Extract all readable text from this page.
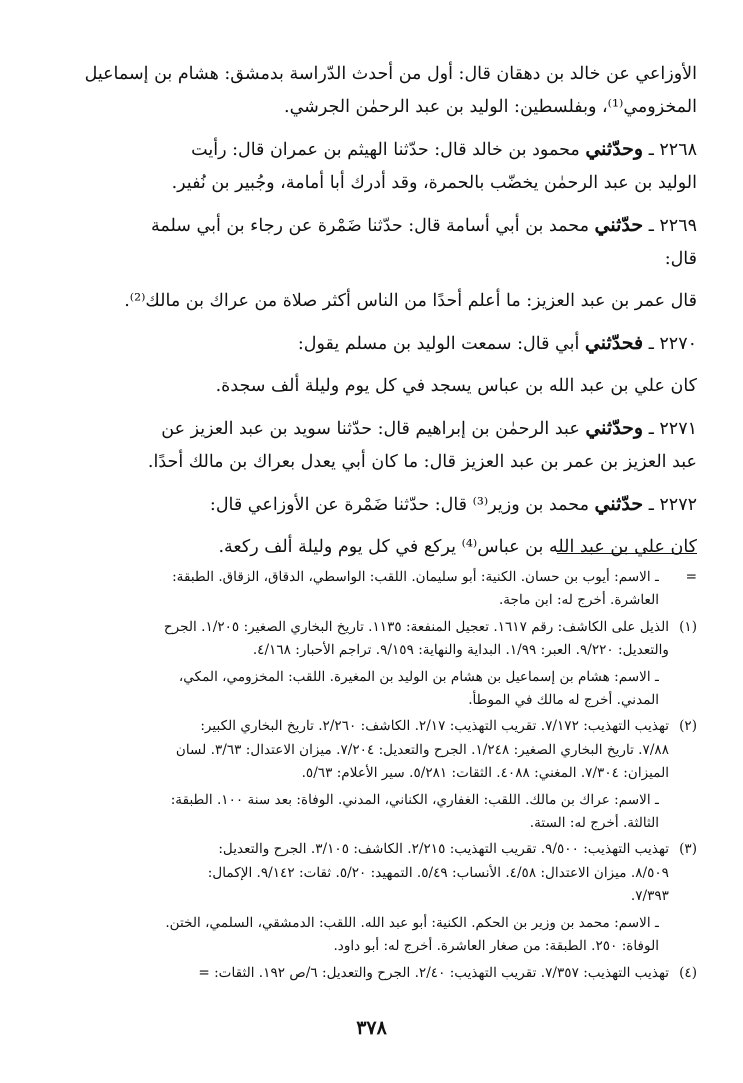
الأوزاعي عن خالد بن دهقان قال: أول من أحدث الدّراسة بدمشق: هشام بن إسماعيل

المخزومي⁽¹⁾، وبفلسطين: الوليد بن عبد الرحمٰن الجرشي.

٢٢٦٨ ـ وحدّثني محمود بن خالد قال: حدّثنا الهيثم بن عمران قال: رأيت

الوليد بن عبد الرحمٰن يخضّب بالحمرة، وقد أدرك أبا أمامة، وجُبير بن نُفير.

٢٢٦٩ ـ حدّثني محمد بن أبي أسامة قال: حدّثنا ضَمْرة عن رجاء بن أبي سلمة

قال:

قال عمر بن عبد العزيز: ما أعلم أحدًا من الناس أكثر صلاة من عراك بن مالك⁽²⁾.

٢٢٧٠ ـ فحدّثني أبي قال: سمعت الوليد بن مسلم يقول:

كان علي بن عبد الله بن عباس يسجد في كل يوم وليلة ألف سجدة.

٢٢٧١ ـ وحدّثني عبد الرحمٰن بن إبراهيم قال: حدّثنا سويد بن عبد العزيز عن

عبد العزيز بن عمر بن عبد العزيز قال: ما كان أبي يعدل بعراك بن مالك أحدًا.

٢٢٧٢ ـ حدّثني محمد بن وزير⁽³⁾ قال: حدّثنا ضَمْرة عن الأوزاعي قال:

كان علي بن عبد الله بن عباس⁽⁴⁾ يركع في كل يوم وليلة ألف ركعة.

=
ـ الاسم: أيوب بن حسان. الكنية: أبو سليمان. اللقب: الواسطي، الدقاق، الزقاق. الطبقة:
العاشرة. أخرج له: ابن ماجة.
(١)
الذيل على الكاشف: رقم ١٦١٧. تعجيل المنفعة: ١١٣٥. تاريخ البخاري الصغير: ١/٢٠٥. الجرح
والتعديل: ٩/٢٢٠. العبر: ١/٩٩. البداية والنهاية: ٩/١٥٩. تراجم الأحبار: ٤/١٦٨.
ـ الاسم: هشام بن إسماعيل بن هشام بن الوليد بن المغيرة. اللقب: المخزومي، المكي،
المدني. أخرج له مالك في الموطأ.
(٢)
تهذيب التهذيب: ٧/١٧٢. تقريب التهذيب: ٢/١٧. الكاشف: ٢/٢٦٠. تاريخ البخاري الكبير:
٧/٨٨. تاريخ البخاري الصغير: ١/٢٤٨. الجرح والتعديل: ٧/٢٠٤. ميزان الاعتدال: ٣/٦٣. لسان
الميزان: ٧/٣٠٤. المغني: ٤٠٨٨. الثقات: ٥/٢٨١. سير الأعلام: ٥/٦٣.
ـ الاسم: عراك بن مالك. اللقب: الغفاري، الكناني، المدني. الوفاة: بعد سنة ١٠٠. الطبقة:
الثالثة. أخرج له: الستة.
(٣)
تهذيب التهذيب: ٩/٥٠٠. تقريب التهذيب: ٢/٢١٥. الكاشف: ٣/١٠٥. الجرح والتعديل:
٨/٥٠٩. ميزان الاعتدال: ٤/٥٨. الأنساب: ٥/٤٩. التمهيد: ٥/٢٠. ثقات: ٩/١٤٢. الإكمال:
٧/٣٩٣.
ـ الاسم: محمد بن وزير بن الحكم. الكنية: أبو عبد الله. اللقب: الدمشقي، السلمي، الختن.
الوفاة: ٢٥٠. الطبقة: من صغار العاشرة. أخرج له: أبو داود.
(٤)
تهذيب التهذيب: ٧/٣٥٧. تقريب التهذيب: ٢/٤٠. الجرح والتعديل: ٦/ص ١٩٢. الثقات: =
٣٧٨
